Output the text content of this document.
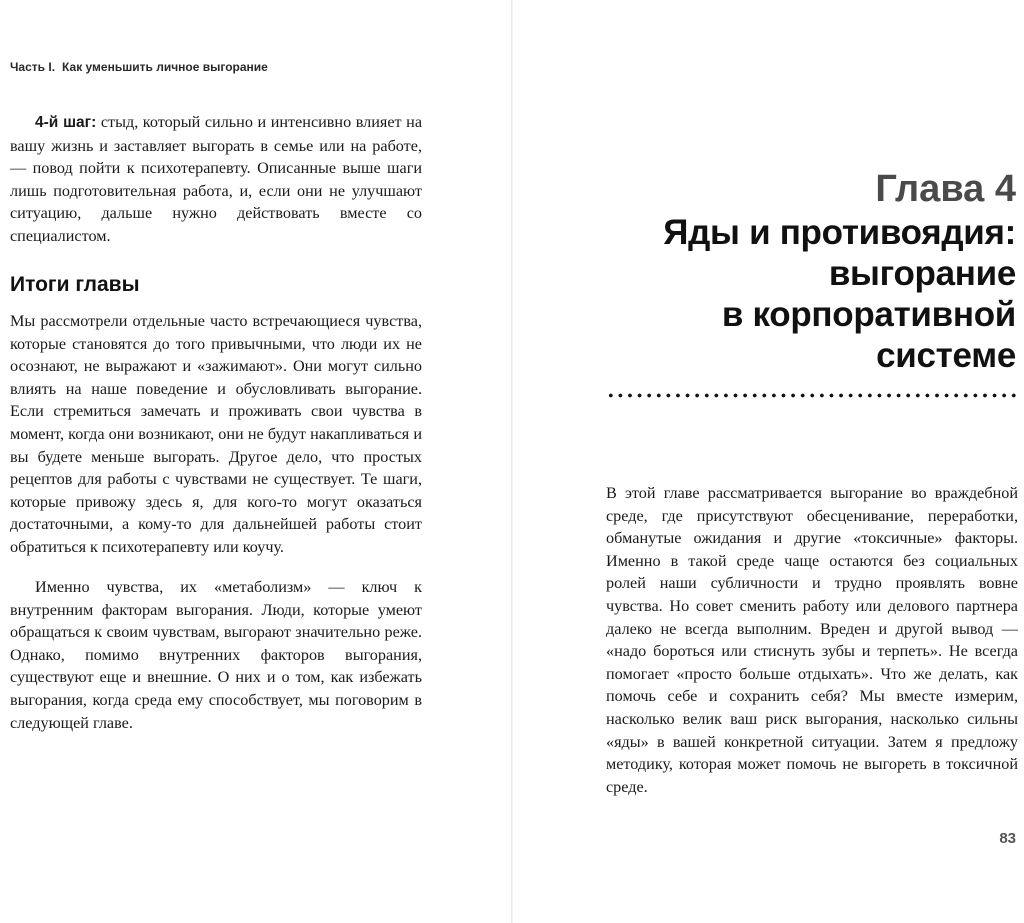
Часть I. Как уменьшить личное выгорание

4-й шаг: стыд, который сильно и интенсивно влияет на вашу жизнь и заставляет выгорать в семье или на работе, — повод пойти к психотерапевту. Описанные выше шаги лишь подготовительная работа, и, если они не улучшают ситуацию, дальше нужно действовать вместе со специалистом.

Итоги главы

Мы рассмотрели отдельные часто встречающиеся чувства, которые становятся до того привычными, что люди их не осознают, не выражают и «зажимают». Они могут сильно влиять на наше поведение и обусловливать выгорание. Если стремиться замечать и проживать свои чувства в момент, когда они возникают, они не будут накапливаться и вы будете меньше выгорать. Другое дело, что простых рецептов для работы с чувствами не существует. Те шаги, которые привожу здесь я, для кого-то могут оказаться достаточными, а кому-то для дальнейшей работы стоит обратиться к психотерапевту или коучу.

Именно чувства, их «метаболизм» — ключ к внутренним факторам выгорания. Люди, которые умеют обращаться к своим чувствам, выгорают значительно реже. Однако, помимо внутренних факторов выгорания, существуют еще и внешние. О них и о том, как избежать выгорания, когда среда ему способствует, мы поговорим в следующей главе.

Глава 4
Яды и противоядия:
выгорание
в корпоративной
системе

В этой главе рассматривается выгорание во враждебной среде, где присутствуют обесценивание, переработки, обманутые ожидания и другие «токсичные» факторы. Именно в такой среде чаще остаются без социальных ролей наши субличности и трудно проявлять вовне чувства. Но совет сменить работу или делового партнера далеко не всегда выполним. Вреден и другой вывод — «надо бороться или стиснуть зубы и терпеть». Не всегда помогает «просто больше отдыхать». Что же делать, как помочь себе и сохранить себя? Мы вместе измерим, насколько велик ваш риск выгорания, насколько сильны «яды» в вашей конкретной ситуации. Затем я предложу методику, которая может помочь не выгореть в токсичной среде.

83
